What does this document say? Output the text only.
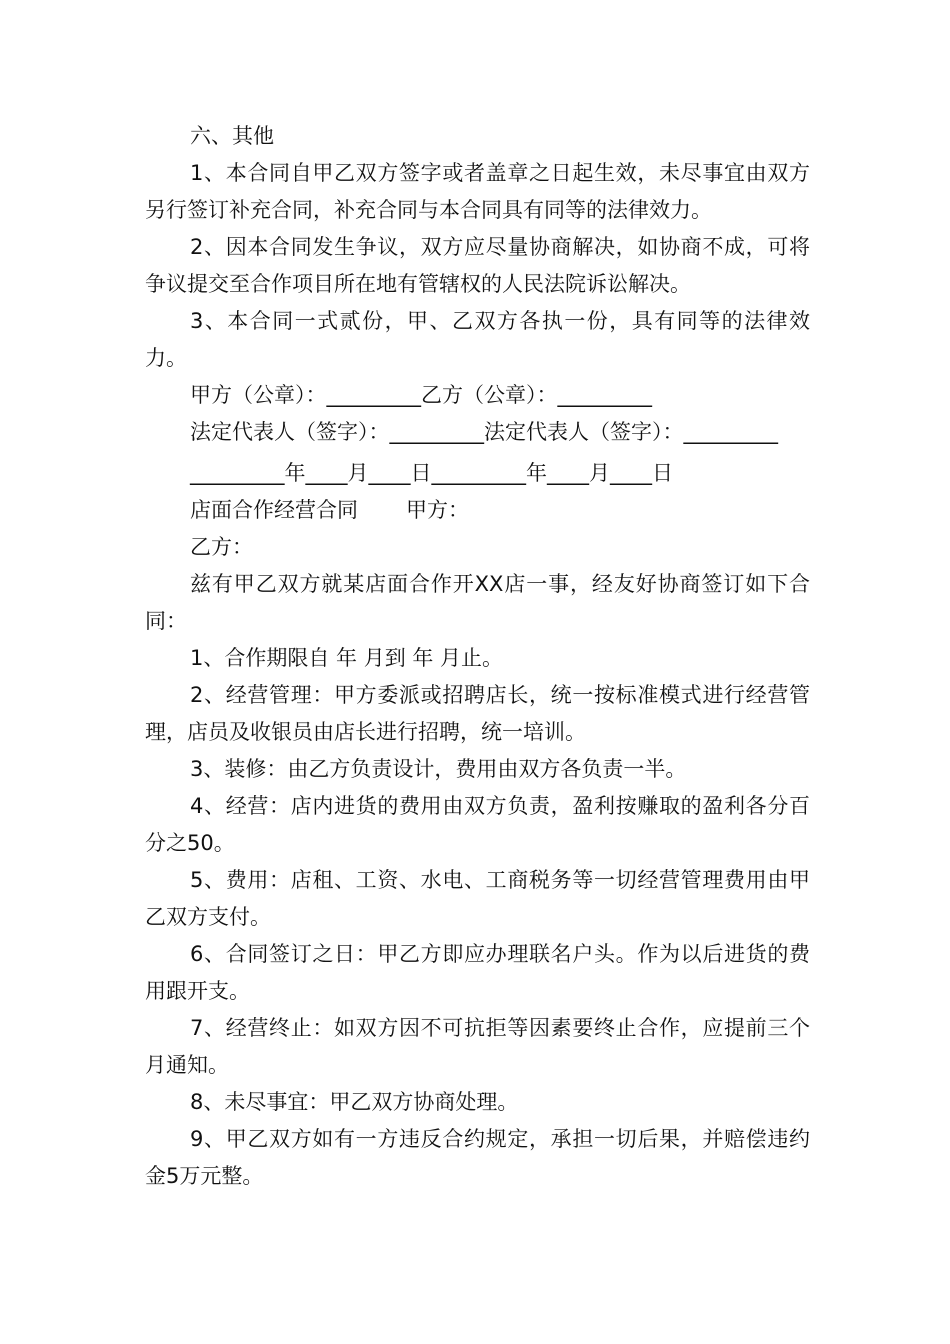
六、其他

1、本合同自甲乙双方签字或者盖章之日起生效，未尽事宜由双方另行签订补充合同，补充合同与本合同具有同等的法律效力。

2、因本合同发生争议，双方应尽量协商解决，如协商不成，可将争议提交至合作项目所在地有管辖权的人民法院诉讼解决。

3、本合同一式贰份，甲、乙双方各执一份，具有同等的法律效力。

甲方（公章）：_________乙方（公章）：_________

法定代表人（签字）：_________法定代表人（签字）：_________

_________年____月____日_________年____月____日

店面合作经营合同 甲方：

乙方：

兹有甲乙双方就某店面合作开XX店一事，经友好协商签订如下合同：

1、合作期限自 年 月到 年 月止。

2、经营管理：甲方委派或招聘店长，统一按标准模式进行经营管理，店员及收银员由店长进行招聘，统一培训。

3、装修：由乙方负责设计，费用由双方各负责一半。

4、经营：店内进货的费用由双方负责，盈利按赚取的盈利各分百分之50。

5、费用：店租、工资、水电、工商税务等一切经营管理费用由甲乙双方支付。

6、合同签订之日：甲乙方即应办理联名户头。作为以后进货的费用跟开支。

7、经营终止：如双方因不可抗拒等因素要终止合作，应提前三个月通知。

8、未尽事宜：甲乙双方协商处理。

9、甲乙双方如有一方违反合约规定，承担一切后果，并赔偿违约金5万元整。
